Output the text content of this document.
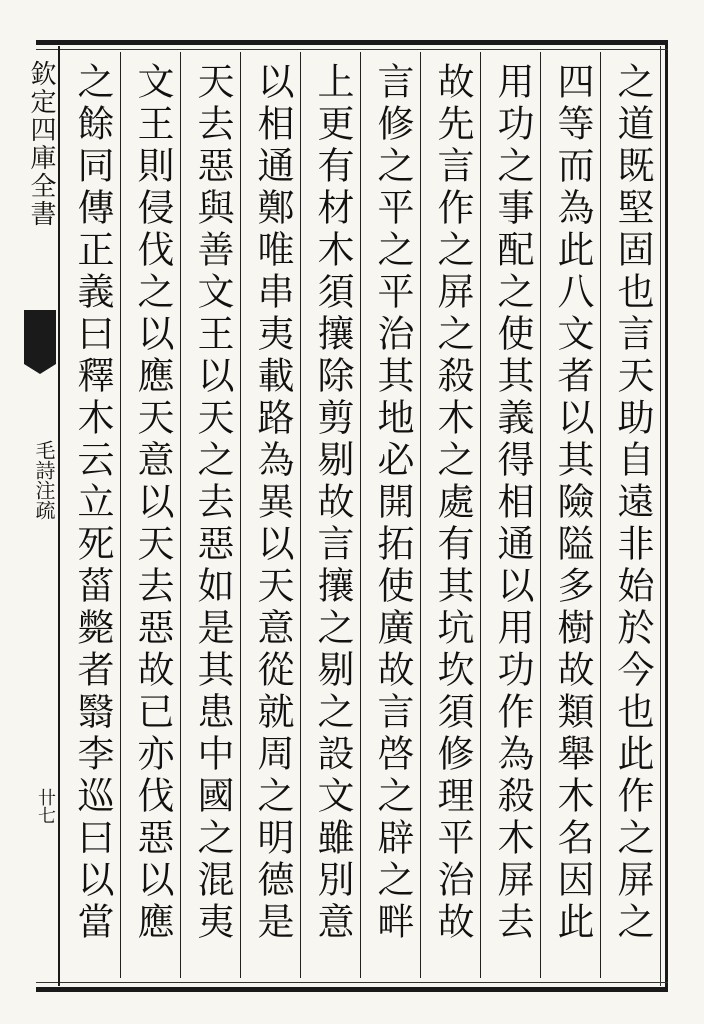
欽定四庫全書
毛詩注疏
卄七	之道既堅固也言天助自遠非始於今也此作之屏之
四等而為此八文者以其險隘多樹故類舉木名因此
用功之事配之使其義得相通以用功作為殺木屏去
故先言作之屏之殺木之處有其坑坎須修理平治故
言修之平之平治其地必開拓使廣故言啓之辟之畔
上更有材木須攘除剪剔故言攘之剔之設文雖別意
以相通鄭唯串夷載路為異以天意從就周之明德是
天去惡與善文王以天之去惡如是其患中國之混夷
文王則侵伐之以應天意以天去惡故已亦伐惡以應
之餘同傳正義曰釋木云立死菑斃者翳李巡曰以當
